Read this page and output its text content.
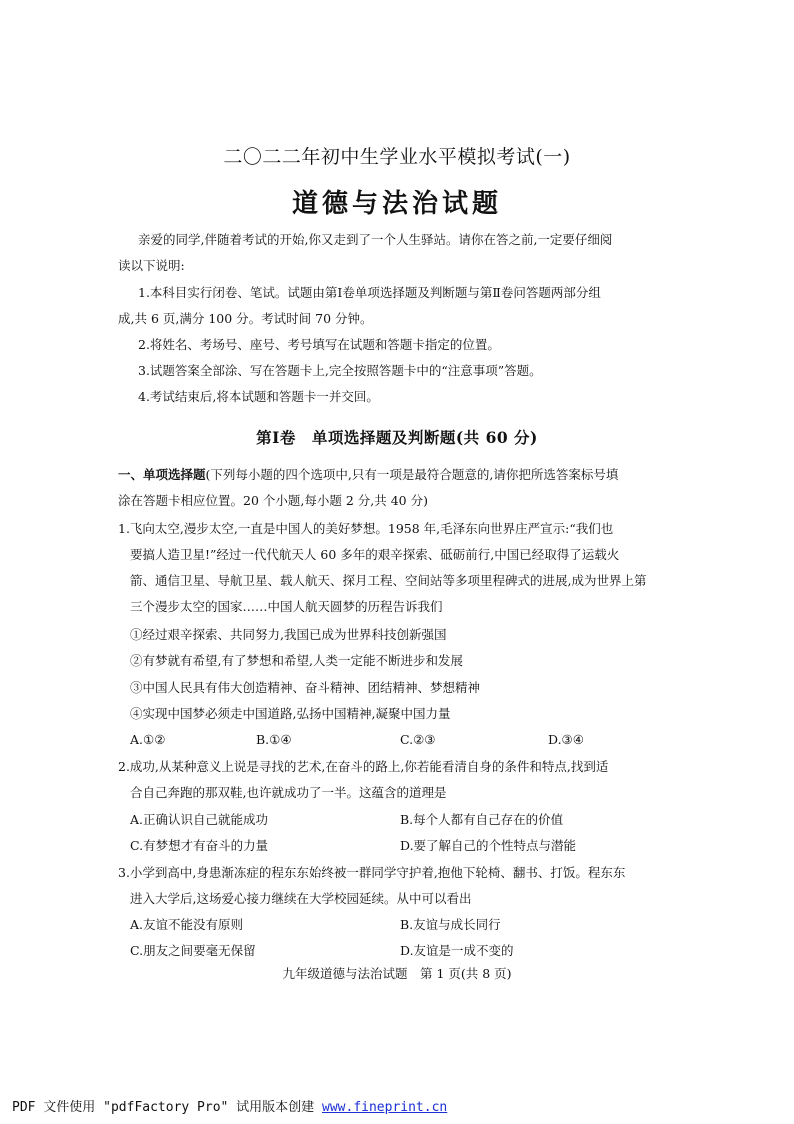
二〇二二年初中生学业水平模拟考试(一)
道德与法治试题
亲爱的同学,伴随着考试的开始,你又走到了一个人生驿站。请你在答之前,一定要仔细阅
读以下说明:
1.本科目实行闭卷、笔试。试题由第Ⅰ卷单项选择题及判断题与第Ⅱ卷问答题两部分组
成,共 6 页,满分 100 分。考试时间 70 分钟。
2.将姓名、考场号、座号、考号填写在试题和答题卡指定的位置。
3.试题答案全部涂、写在答题卡上,完全按照答题卡中的“注意事项”答题。
4.考试结束后,将本试题和答题卡一并交回。
第Ⅰ卷　单项选择题及判断题(共 60 分)
一、单项选择题(下列每小题的四个选项中,只有一项是最符合题意的,请你把所选答案标号填
涂在答题卡相应位置。20 个小题,每小题 2 分,共 40 分)
1.飞向太空,漫步太空,一直是中国人的美好梦想。1958 年,毛泽东向世界庄严宣示:“我们也
要搞人造卫星!”经过一代代航天人 60 多年的艰辛探索、砥砺前行,中国已经取得了运载火
箭、通信卫星、导航卫星、载人航天、探月工程、空间站等多项里程碑式的进展,成为世界上第
三个漫步太空的国家……中国人航天圆梦的历程告诉我们
①经过艰辛探索、共同努力,我国已成为世界科技创新强国
②有梦就有希望,有了梦想和希望,人类一定能不断进步和发展
③中国人民具有伟大创造精神、奋斗精神、团结精神、梦想精神
④实现中国梦必须走中国道路,弘扬中国精神,凝聚中国力量
A.①②	B.①④	C.②③	D.③④
2.成功,从某种意义上说是寻找的艺术,在奋斗的路上,你若能看清自身的条件和特点,找到适
合自己奔跑的那双鞋,也许就成功了一半。这蕴含的道理是
A.正确认识自己就能成功	B.每个人都有自己存在的价值
C.有梦想才有奋斗的力量	D.要了解自己的个性特点与潜能
3.小学到高中,身患渐冻症的程东东始终被一群同学守护着,抱他下轮椅、翻书、打饭。程东东
进入大学后,这场爱心接力继续在大学校园延续。从中可以看出
A.友谊不能没有原则	B.友谊与成长同行
C.朋友之间要毫无保留	D.友谊是一成不变的
九年级道德与法治试题　第 1 页(共 8 页)
PDF 文件使用 "pdfFactory Pro" 试用版本创建 www.fineprint.cn
